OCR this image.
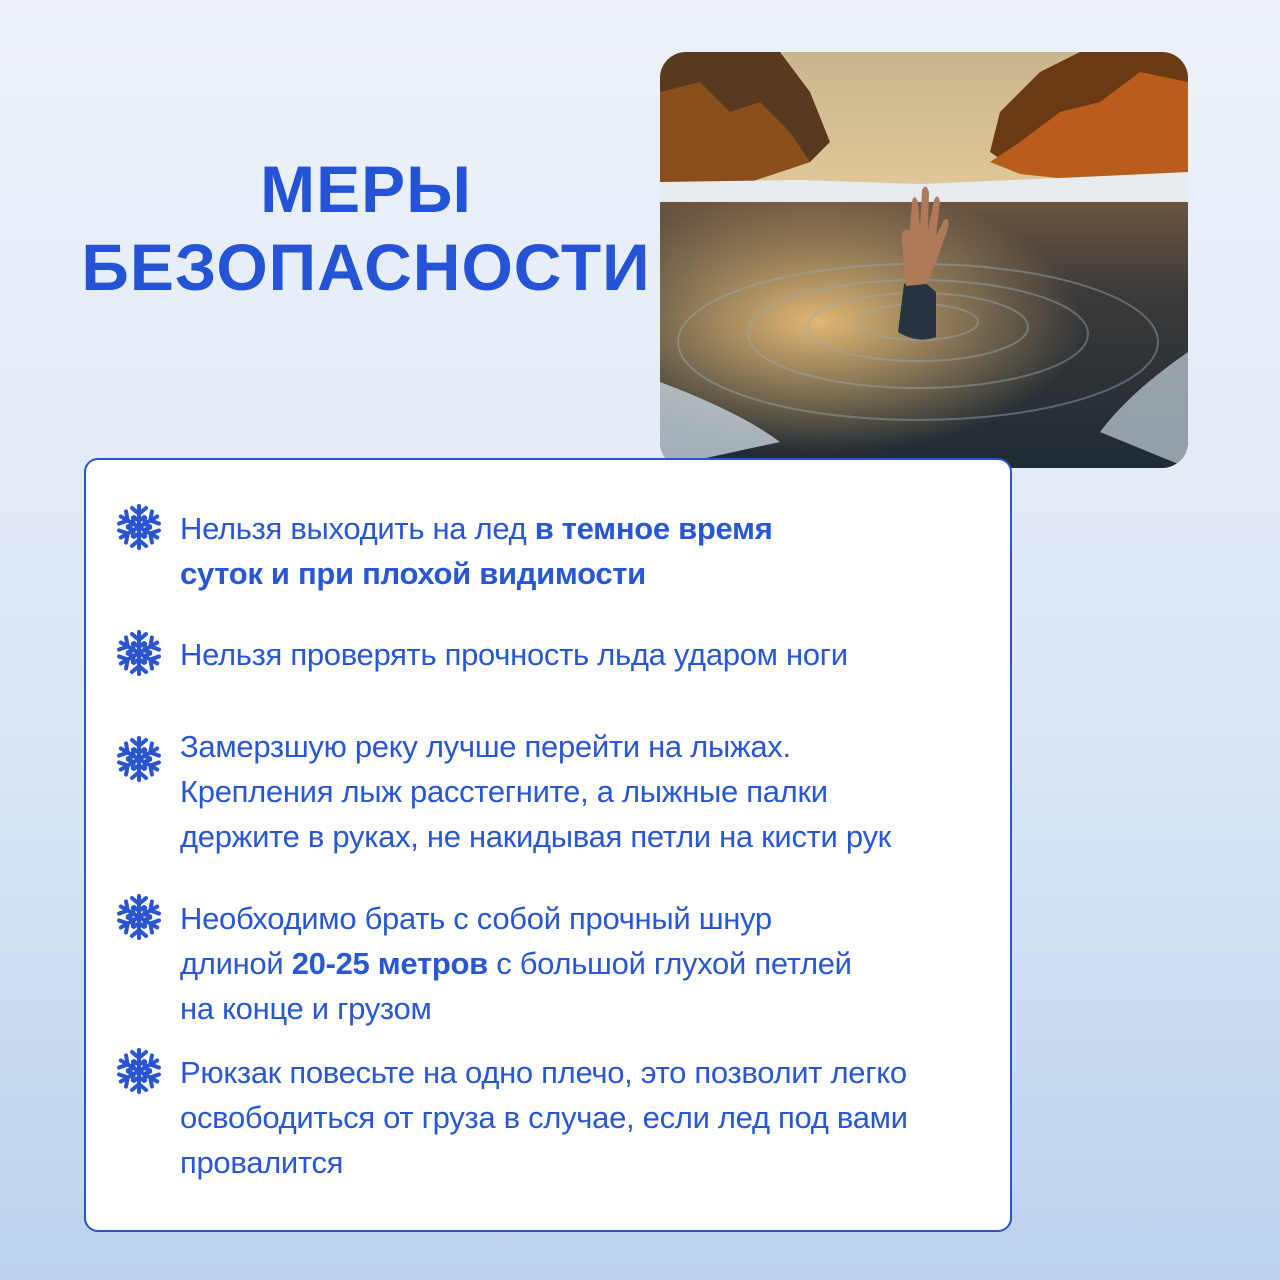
МЕРЫ
БЕЗОПАСНОСТИ
Нельзя выходить на лед в темное время
суток и при плохой видимости
Нельзя проверять прочность льда ударом ноги
Замерзшую реку лучше перейти на лыжах.
Крепления лыж расстегните, а лыжные палки
держите в руках, не накидывая петли на кисти рук
Необходимо брать с собой прочный шнур
длиной 20-25 метров с большой глухой петлей
на конце и грузом
Рюкзак повесьте на одно плечо, это позволит легко
освободиться от груза в случае, если лед под вами
провалится
